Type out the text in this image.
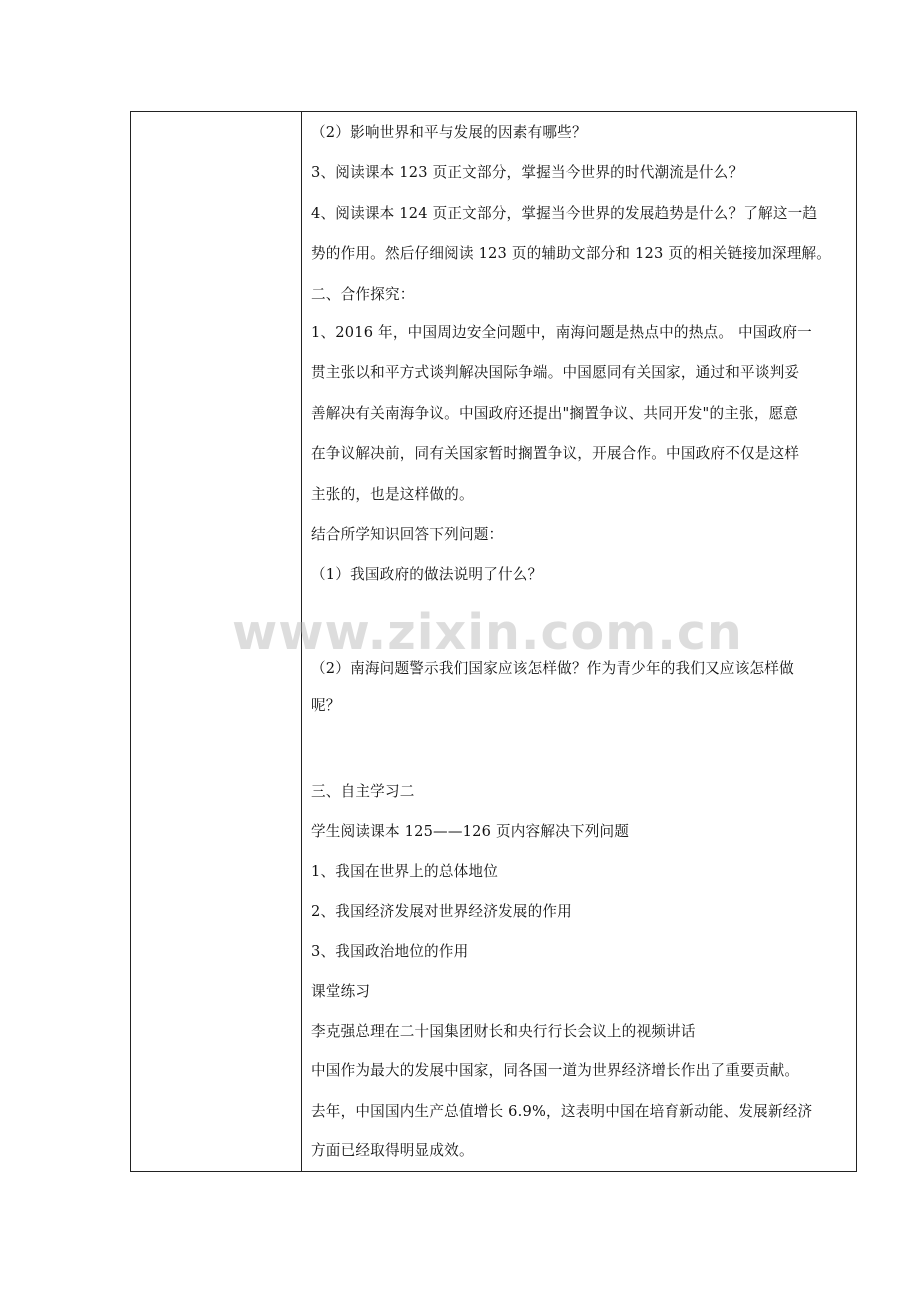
（2）影响世界和平与发展的因素有哪些？
3、阅读课本 123 页正文部分，掌握当今世界的时代潮流是什么？
4、阅读课本 124 页正文部分，掌握当今世界的发展趋势是什么？了解这一趋
势的作用。然后仔细阅读 123 页的辅助文部分和 123 页的相关链接加深理解。
二、合作探究：
1、2016 年，中国周边安全问题中，南海问题是热点中的热点。 中国政府一
贯主张以和平方式谈判解决国际争端。中国愿同有关国家，通过和平谈判妥
善解决有关南海争议。中国政府还提出"搁置争议、共同开发"的主张，愿意
在争议解决前，同有关国家暂时搁置争议，开展合作。中国政府不仅是这样
主张的，也是这样做的。
结合所学知识回答下列问题：
（1）我国政府的做法说明了什么？
（2）南海问题警示我们国家应该怎样做？作为青少年的我们又应该怎样做
呢？
三、自主学习二
学生阅读课本 125——126 页内容解决下列问题
1、我国在世界上的总体地位
2、我国经济发展对世界经济发展的作用
3、我国政治地位的作用
课堂练习
李克强总理在二十国集团财长和央行行长会议上的视频讲话
中国作为最大的发展中国家，同各国一道为世界经济增长作出了重要贡献。
去年，中国国内生产总值增长 6.9%，这表明中国在培育新动能、发展新经济
方面已经取得明显成效。
www.zixin.com.cn
